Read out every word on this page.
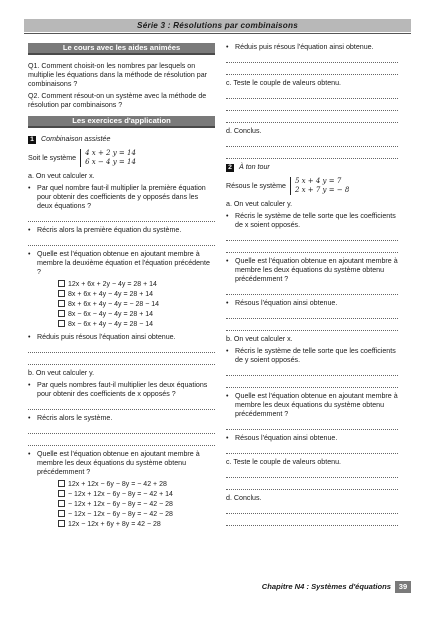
Série 3 : Résolutions par combinaisons
Le cours avec les aides animées

Q1. Comment choisit-on les nombres par lesquels on multiplie les équations dans la méthode de résolution par combinaisons ?

Q2. Comment résout-on un système avec la méthode de résolution par combinaisons ?

Les exercices d'application
1 Combinaison assistée
Soit le système
4 x + 2 y = 14
6 x − 4 y = 14

a. On veut calculer x.

• Par quel nombre faut-il multiplier la première équation pour obtenir des coefficients de y opposés dans les deux équations ?
• Récris alors la première équation du système.
• Quelle est l'équation obtenue en ajoutant membre à membre la deuxième équation et l'équation précédente ?
12x + 6x + 2y − 4y = 28 + 14
8x + 6x + 4y − 4y = 28 + 14
8x + 6x + 4y − 4y = − 28 − 14
8x − 6x − 4y − 4y = 28 + 14
8x − 6x + 4y − 4y = 28 − 14
• Réduis puis résous l'équation ainsi obtenue.

b. On veut calculer y.

• Par quels nombres faut-il multiplier les deux équations pour obtenir des coefficients de x opposés ?
• Récris alors le système.
• Quelle est l'équation obtenue en ajoutant membre à membre les deux équations du système obtenu précédemment ?
12x + 12x − 6y − 8y = − 42 + 28
− 12x + 12x − 6y − 8y = − 42 + 14
− 12x + 12x − 6y − 8y = − 42 − 28
− 12x − 12x − 6y − 8y = − 42 − 28
12x − 12x + 6y + 8y = 42 − 28
• Réduis puis résous l'équation ainsi obtenue.

c. Teste le couple de valeurs obtenu.

d. Conclus.

2 À ton tour
Résous le système
5 x + 4 y = 7
2 x + 7 y = − 8

a. On veut calculer y.

• Récris le système de telle sorte que les coefficients de x soient opposés.
• Quelle est l'équation obtenue en ajoutant membre à membre les deux équations du système obtenu précédemment ?
• Résous l'équation ainsi obtenue.

b. On veut calculer x.

• Récris le système de telle sorte que les coefficients de y soient opposés.
• Quelle est l'équation obtenue en ajoutant membre à membre les deux équations du système obtenu précédemment ?
• Résous l'équation ainsi obtenue.

c. Teste le couple de valeurs obtenu.

d. Conclus.

Chapitre N4 : Systèmes d'équations	39
